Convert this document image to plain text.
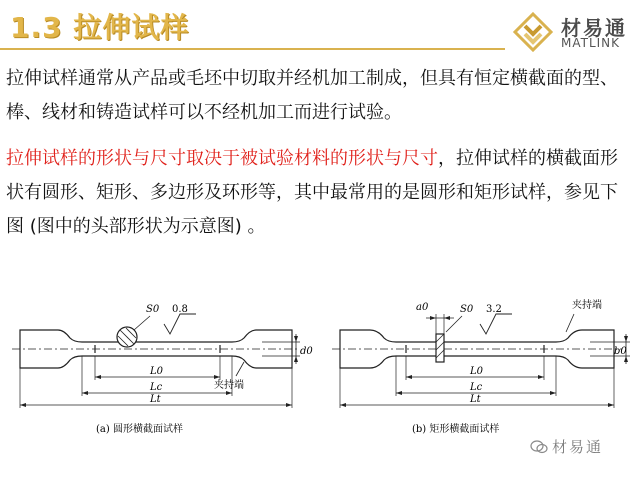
1.3 拉伸试样	材易通
MATLINK
拉伸试样通常从产品或毛坯中切取并经机加工制成，但具有恒定横截面的型、棒、线材和铸造试样可以不经机加工而进行试验。
拉伸试样的形状与尺寸取决于被试验材料的形状与尺寸，拉伸试样的横截面形状有圆形、矩形、多边形及环形等，其中最常用的是圆形和矩形试样，参见下图 (图中的头部形状为示意图) 。
S0 0.8
L0
Lc
Lt
d0
夹持端
(a) 圆形横截面试样
a0	S0 3.2
L0
Lc
Lt
b0
夹持端
(b) 矩形横截面试样
材易通
